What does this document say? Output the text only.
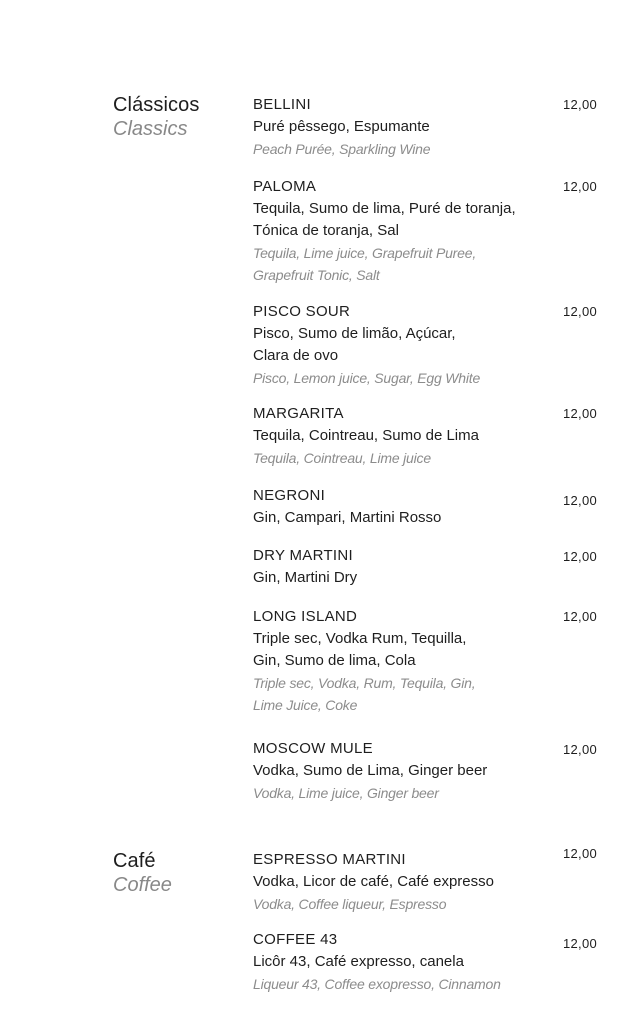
Clássicos
Classics
Café
Coffee
BELLINI
Puré pêssego, Espumante
Peach Purée, Sparkling Wine
12,00
PALOMA
Tequila, Sumo de lima, Puré de toranja,
Tónica de toranja, Sal
Tequila, Lime juice, Grapefruit Puree,
Grapefruit Tonic, Salt
12,00
PISCO SOUR
Pisco, Sumo de limão, Açúcar,
Clara de ovo
Pisco, Lemon juice, Sugar, Egg White
12,00
MARGARITA
Tequila, Cointreau, Sumo de Lima
Tequila, Cointreau, Lime juice
12,00
NEGRONI
Gin, Campari, Martini Rosso
12,00
DRY MARTINI
Gin, Martini Dry
12,00
LONG ISLAND
Triple sec, Vodka Rum, Tequilla,
Gin, Sumo de lima, Cola
Triple sec, Vodka, Rum, Tequila, Gin,
Lime Juice, Coke
12,00
MOSCOW MULE
Vodka, Sumo de Lima, Ginger beer
Vodka, Lime juice, Ginger beer
12,00
ESPRESSO MARTINI
Vodka, Licor de café, Café expresso
Vodka, Coffee liqueur, Espresso
12,00
COFFEE 43
Licôr 43, Café expresso, canela
Liqueur 43, Coffee exopresso, Cinnamon
12,00
